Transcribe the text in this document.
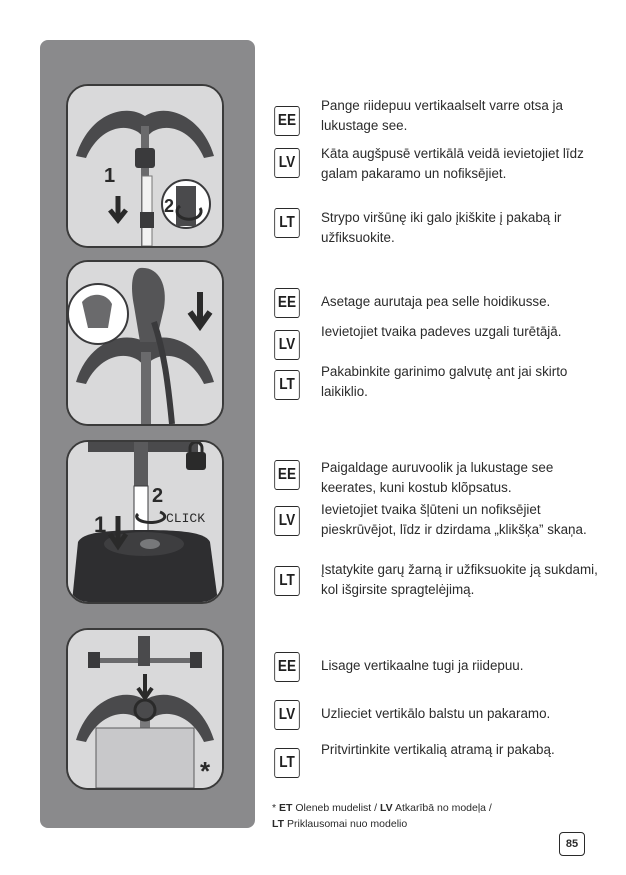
1
2
1
2
CLICK
*
EE
Pange riidepuu vertikaalselt varre otsa ja lukustage see.
LV
Kāta augšpusē vertikālā veidā ievietojiet līdz galam pakaramo un nofiksējiet.
LT	Strypo viršūnę iki galo įkiškite į pakabą ir užfiksuokite.
EE Asetage aurutaja pea selle hoidikusse.
LV
Ievietojiet tvaika padeves uzgali turētājā.
LT
Pakabinkite garinimo galvutę ant jai skirto laikiklio.
EE Paigaldage auruvoolik ja lukustage see keerates, kuni kostub klõpsatus.
LV
Ievietojiet tvaika šļūteni un nofiksējiet pieskrūvējot, līdz ir dzirdama „klikšķa” skaņa.
LT
Įstatykite garų žarną ir užfiksuokite ją sukdami, kol išgirsite spragtelėjimą.
EE Lisage vertikaalne tugi ja riidepuu.
LV	Uzlieciet vertikālo balstu un pakaramo.
LT
Pritvirtinkite vertikalią atramą ir pakabą.
* ET Oleneb mudelist / LV Atkarībā no modeļa /
LT Priklausomai nuo modelio
85
